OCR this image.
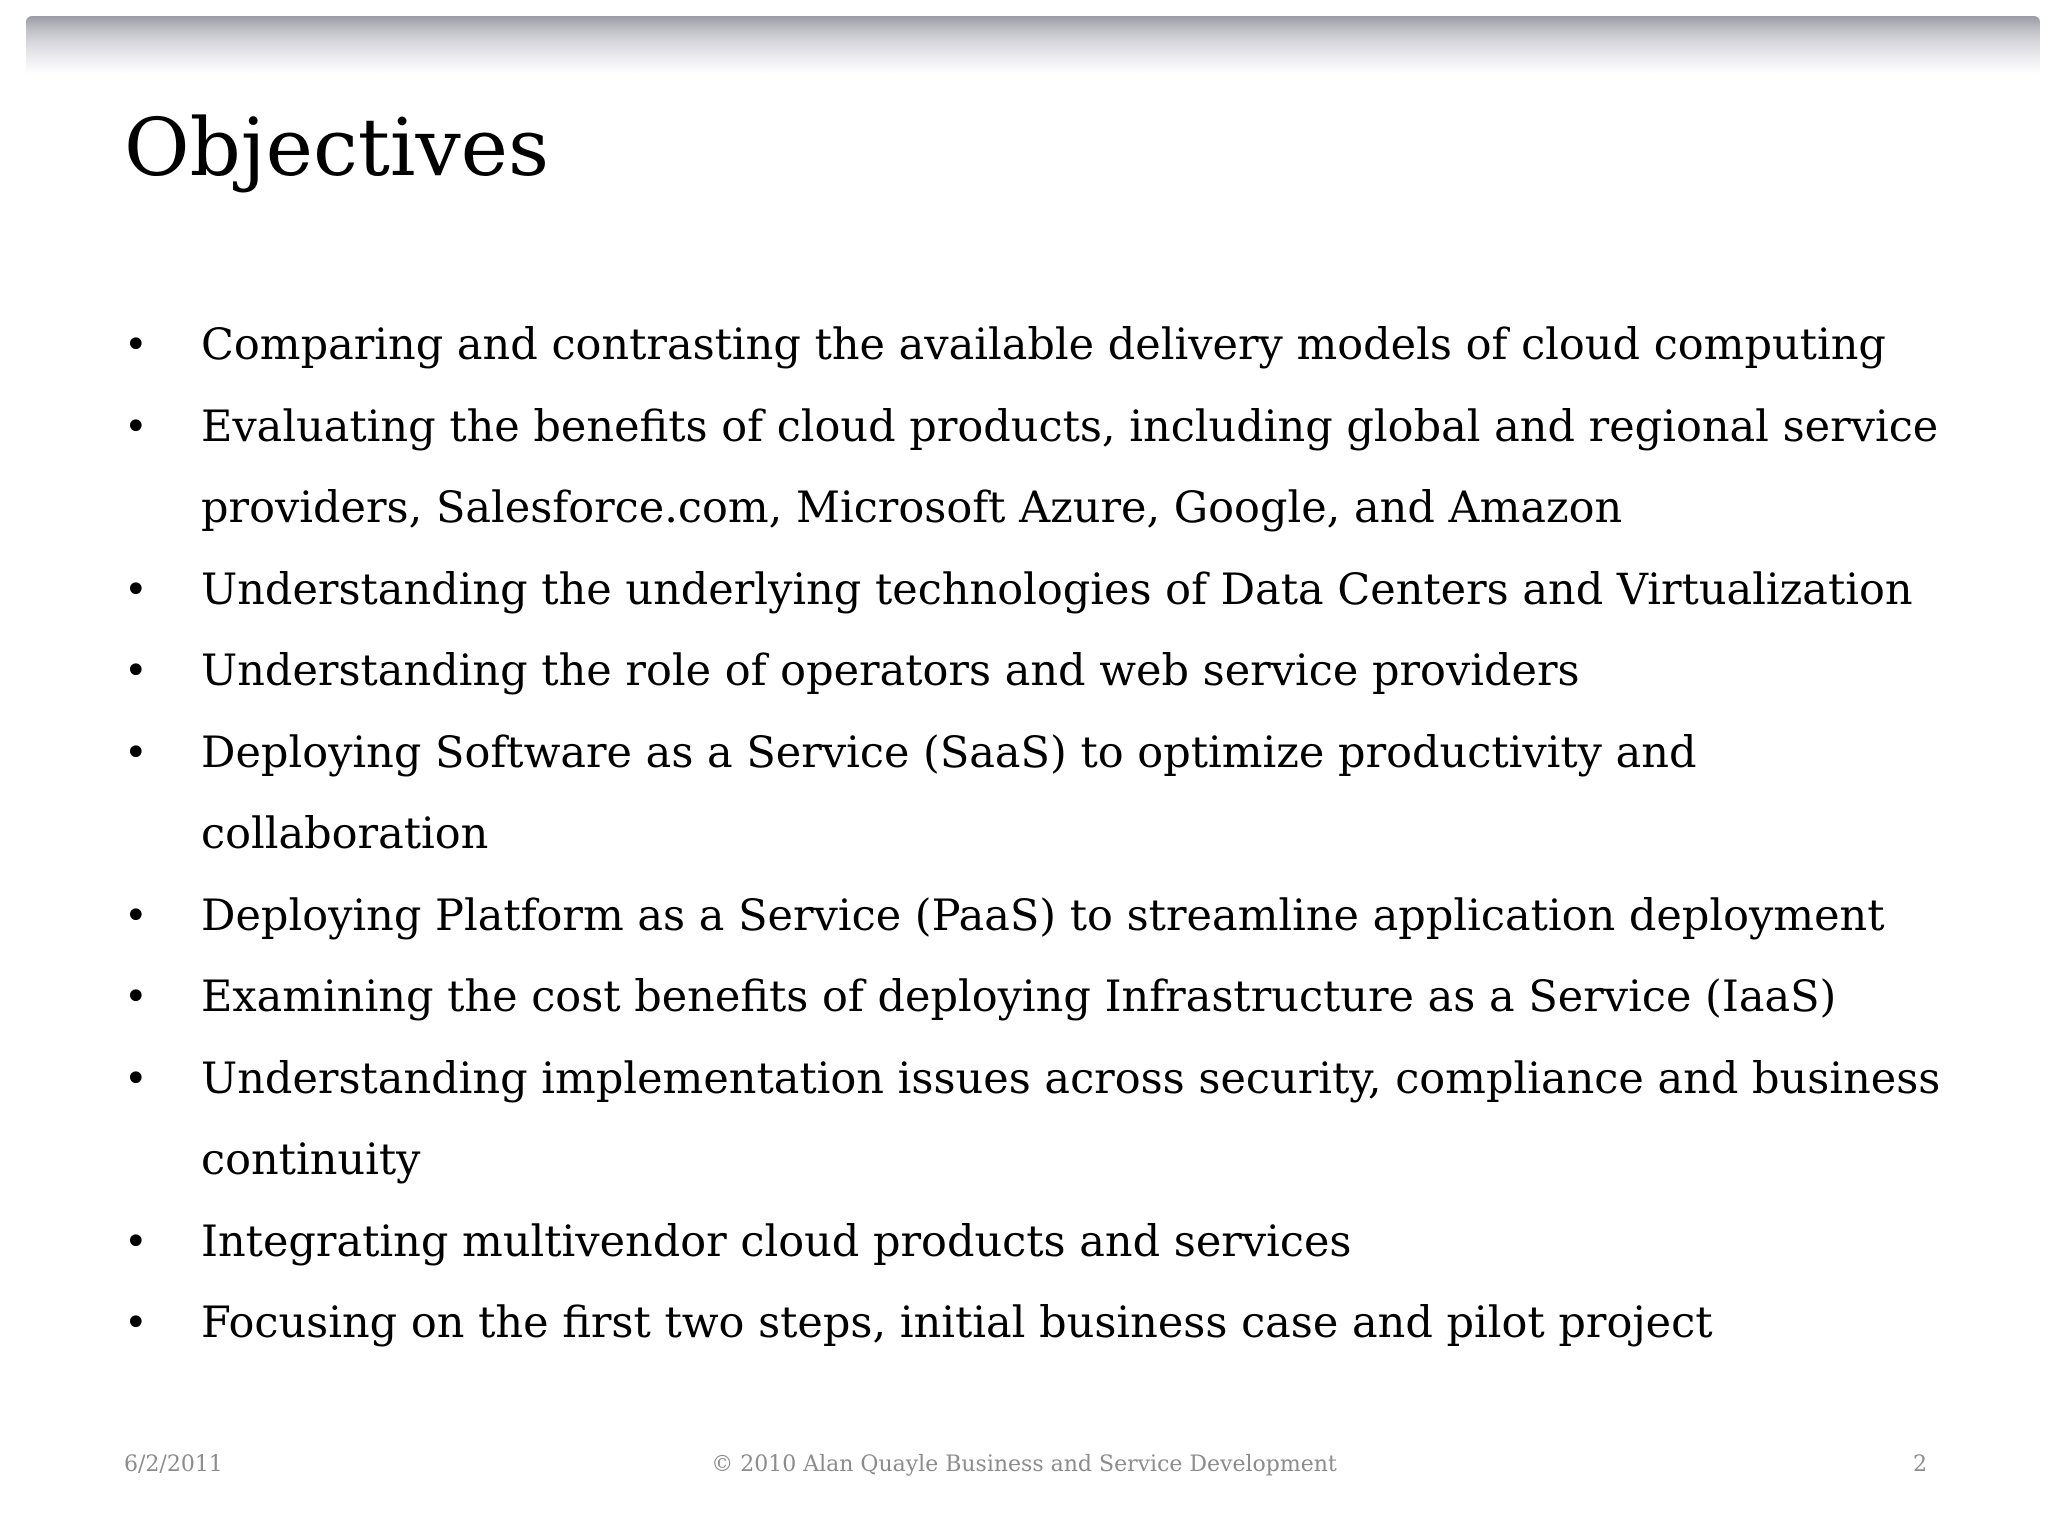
Objectives
• Comparing and contrasting the available delivery models of cloud computing
• Evaluating the benefits of cloud products, including global and regional service
providers, Salesforce.com, Microsoft Azure, Google, and Amazon
• Understanding the underlying technologies of Data Centers and Virtualization
• Understanding the role of operators and web service providers
• Deploying Software as a Service (SaaS) to optimize productivity and
collaboration
• Deploying Platform as a Service (PaaS) to streamline application deployment
• Examining the cost benefits of deploying Infrastructure as a Service (IaaS)
• Understanding implementation issues across security, compliance and business
continuity
• Integrating multivendor cloud products and services
• Focusing on the first two steps, initial business case and pilot project
6/2/2011	© 2010 Alan Quayle Business and Service Development	2
